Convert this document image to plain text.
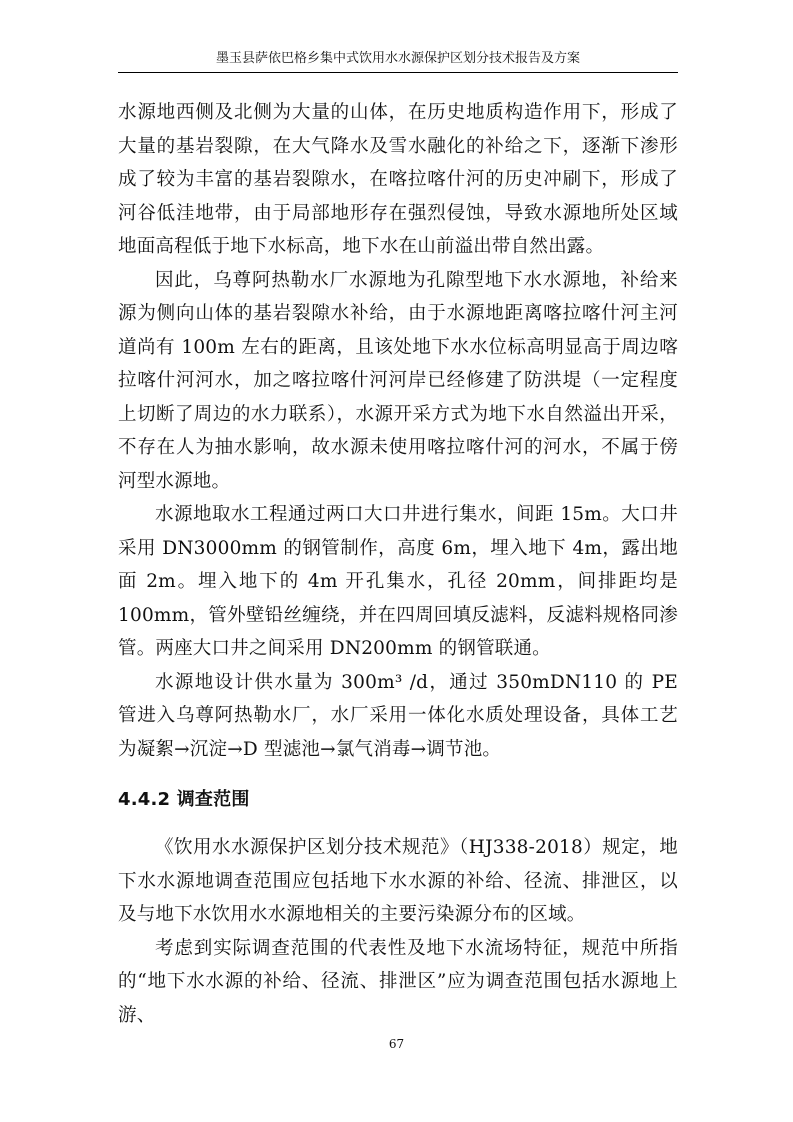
墨玉县萨依巴格乡集中式饮用水水源保护区划分技术报告及方案

水源地西侧及北侧为大量的山体，在历史地质构造作用下，形成了大量的基岩裂隙，在大气降水及雪水融化的补给之下，逐渐下渗形成了较为丰富的基岩裂隙水，在喀拉喀什河的历史冲刷下，形成了河谷低洼地带，由于局部地形存在强烈侵蚀，导致水源地所处区域地面高程低于地下水标高，地下水在山前溢出带自然出露。

因此，乌尊阿热勒水厂水源地为孔隙型地下水水源地，补给来源为侧向山体的基岩裂隙水补给，由于水源地距离喀拉喀什河主河道尚有 100m 左右的距离，且该处地下水水位标高明显高于周边喀拉喀什河河水，加之喀拉喀什河河岸已经修建了防洪堤（一定程度上切断了周边的水力联系），水源开采方式为地下水自然溢出开采，不存在人为抽水影响，故水源未使用喀拉喀什河的河水，不属于傍河型水源地。

水源地取水工程通过两口大口井进行集水，间距 15m。大口井采用 DN3000mm 的钢管制作，高度 6m，埋入地下 4m，露出地面 2m。埋入地下的 4m 开孔集水，孔径 20mm，间排距均是 100mm，管外壁铅丝缠绕，并在四周回填反滤料，反滤料规格同渗管。两座大口井之间采用 DN200mm 的钢管联通。

水源地设计供水量为 300m³ /d，通过 350mDN110 的 PE 管进入乌尊阿热勒水厂，水厂采用一体化水质处理设备，具体工艺为凝絮→沉淀→D 型滤池→氯气消毒→调节池。

4.4.2 调查范围

《饮用水水源保护区划分技术规范》（HJ338-2018）规定，地下水水源地调查范围应包括地下水水源的补给、径流、排泄区，以及与地下水饮用水水源地相关的主要污染源分布的区域。

考虑到实际调查范围的代表性及地下水流场特征，规范中所指的“地下水水源的补给、径流、排泄区”应为调查范围包括水源地上游、

67
